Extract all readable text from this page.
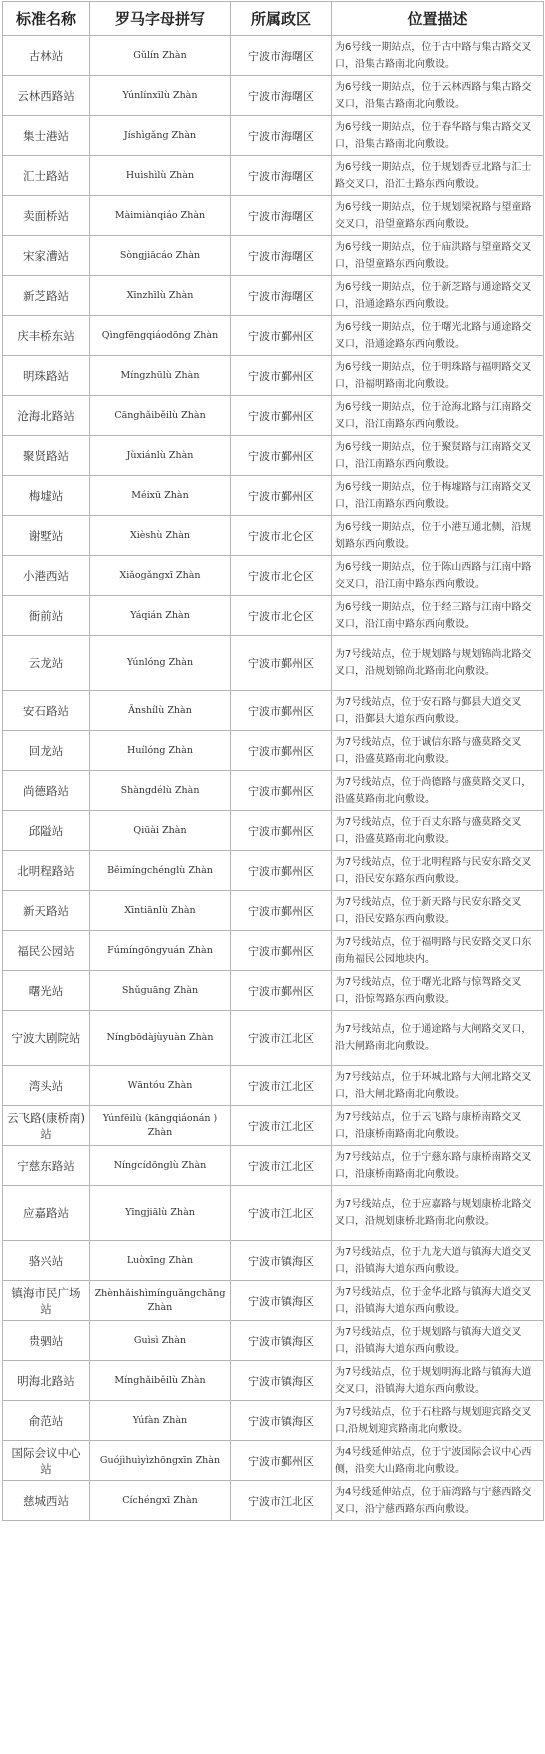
标准名称	罗马字母拼写	所属政区	位置描述
古林站	Gŭlín Zhàn	宁波市海曙区	为6号线一期站点，位于古中路与集古路交叉口，沿集古路南北向敷设。
云林西路站	Yúnlínxīlù Zhàn	宁波市海曙区	为6号线一期站点，位于云林西路与集古路交叉口，沿集古路南北向敷设。
集士港站	Jíshìgǎng Zhàn	宁波市海曙区	为6号线一期站点，位于春华路与集古路交叉口，沿集古路南北向敷设。
汇士路站	Huìshìlù Zhàn	宁波市海曙区	为6号线一期站点，位于规划香豆北路与汇士路交叉口，沿汇士路东西向敷设。
卖面桥站	Màimiànqiáo Zhàn	宁波市海曙区	为6号线一期站点，位于规划梁祝路与望童路交叉口，沿望童路东西向敷设。
宋家漕站	Sòngjiācáo Zhàn	宁波市海曙区	为6号线一期站点，位于庙洪路与望童路交叉口，沿望童路东西向敷设。
新芝路站	Xīnzhīlù Zhàn	宁波市海曙区	为6号线一期站点，位于新芝路与通途路交叉口，沿通途路东西向敷设。
庆丰桥东站	Qìngfēngqiáodōng Zhàn	宁波市鄞州区	为6号线一期站点，位于曙光北路与通途路交叉口，沿通途路东西向敷设。
明珠路站	Míngzhūlù Zhàn	宁波市鄞州区	为6号线一期站点，位于明珠路与福明路交叉口，沿福明路南北向敷设。
沧海北路站	Cānghǎiběilù Zhàn	宁波市鄞州区	为6号线一期站点，位于沧海北路与江南路交叉口，沿江南路东西向敷设。
聚贤路站	Jùxiánlù Zhàn	宁波市鄞州区	为6号线一期站点，位于聚贤路与江南路交叉口，沿江南路东西向敷设。
梅墟站	Méixū Zhàn	宁波市鄞州区	为6号线一期站点，位于梅墟路与江南路交叉口，沿江南路东西向敷设。
谢墅站	Xièshù Zhàn	宁波市北仑区	为6号线一期站点，位于小港互通北侧，沿规划路东西向敷设。
小港西站	Xiǎogǎngxī Zhàn	宁波市北仑区	为6号线一期站点，位于陈山西路与江南中路交叉口，沿江南中路东西向敷设。
衙前站	Yáqián Zhàn	宁波市北仑区	为6号线一期站点，位于经三路与江南中路交叉口，沿江南中路东西向敷设。
云龙站	Yúnlóng Zhàn	宁波市鄞州区	为7号线站点，位于规划路与规划锦尚北路交叉口，沿规划锦尚北路南北向敷设。
安石路站	Ānshílù Zhàn	宁波市鄞州区	为7号线站点，位于安石路与鄞县大道交叉口，沿鄞县大道东西向敷设。
回龙站	Huílóng Zhàn	宁波市鄞州区	为7号线站点，位于诚信东路与盛莫路交叉口，沿盛莫路南北向敷设。
尚德路站	Shàngdélù Zhàn	宁波市鄞州区	为7号线站点，位于尚德路与盛莫路交叉口，沿盛莫路南北向敷设。
邱隘站	Qiūài Zhàn	宁波市鄞州区	为7号线站点，位于百丈东路与盛莫路交叉口，沿盛莫路南北向敷设。
北明程路站	Běimíngchénglù Zhàn	宁波市鄞州区	为7号线站点，位于北明程路与民安东路交叉口，沿民安东路东西向敷设。
新天路站	Xīntiānlù Zhàn	宁波市鄞州区	为7号线站点，位于新天路与民安东路交叉口，沿民安路东西向敷设。
福民公园站	Fúmíngōngyuán Zhàn	宁波市鄞州区	为7号线站点，位于福明路与民安路交叉口东南角福民公园地块内。
曙光站	Shǔguāng Zhàn	宁波市鄞州区	为7号线站点，位于曙光北路与惊驾路交叉口，沿惊驾路东西向敷设。
宁波大剧院站	Níngbōdàjùyuàn Zhàn	宁波市江北区	为7号线站点，位于通途路与大闸路交叉口，沿大闸路南北向敷设。
湾头站	Wāntóu Zhàn	宁波市江北区	为7号线站点，位于环城北路与大闸北路交叉口，沿大闸北路南北向敷设。
云飞路(康桥南)站	Yúnfēilù (kāngqiáonán ) Zhàn	宁波市江北区	为7号线站点，位于云飞路与康桥南路交叉口，沿康桥南路南北向敷设。
宁慈东路站	Níngcídōnglù Zhàn	宁波市江北区	为7号线站点，位于宁慈东路与康桥南路交叉口，沿康桥南路南北向敷设。
应嘉路站	Yīngjiālù Zhàn	宁波市江北区	为7号线站点，位于应嘉路与规划康桥北路交叉口，沿规划康桥北路南北向敷设。
骆兴站	Luòxīng Zhàn	宁波市镇海区	为7号线站点，位于九龙大道与镇海大道交叉口，沿镇海大道东西向敷设。
镇海市民广场站	Zhènhǎishìmínguǎngchǎng Zhàn	宁波市镇海区	为7号线站点，位于金华北路与镇海大道交叉口，沿镇海大道东西向敷设。
贵驷站	Guìsì Zhàn	宁波市镇海区	为7号线站点，位于规划路与镇海大道交叉口，沿镇海大道东西向敷设。
明海北路站	Mínghǎiběilù Zhàn	宁波市镇海区	为7号线站点，位于规划明海北路与镇海大道交叉口，沿镇海大道东西向敷设。
俞范站	Yúfàn Zhàn	宁波市镇海区	为7号线站点，位于石柱路与规划迎宾路交叉口,沿规划迎宾路南北向敷设。
国际会议中心站	Guójìhuìyìzhōngxīn Zhàn	宁波市鄞州区	为4号线延伸站点，位于宁波国际会议中心西侧，沿奕大山路南北向敷设。
慈城西站	Cíchéngxī Zhàn	宁波市江北区	为4号线延伸站点，位于庙湾路与宁慈西路交叉口，沿宁慈西路东西向敷设。
